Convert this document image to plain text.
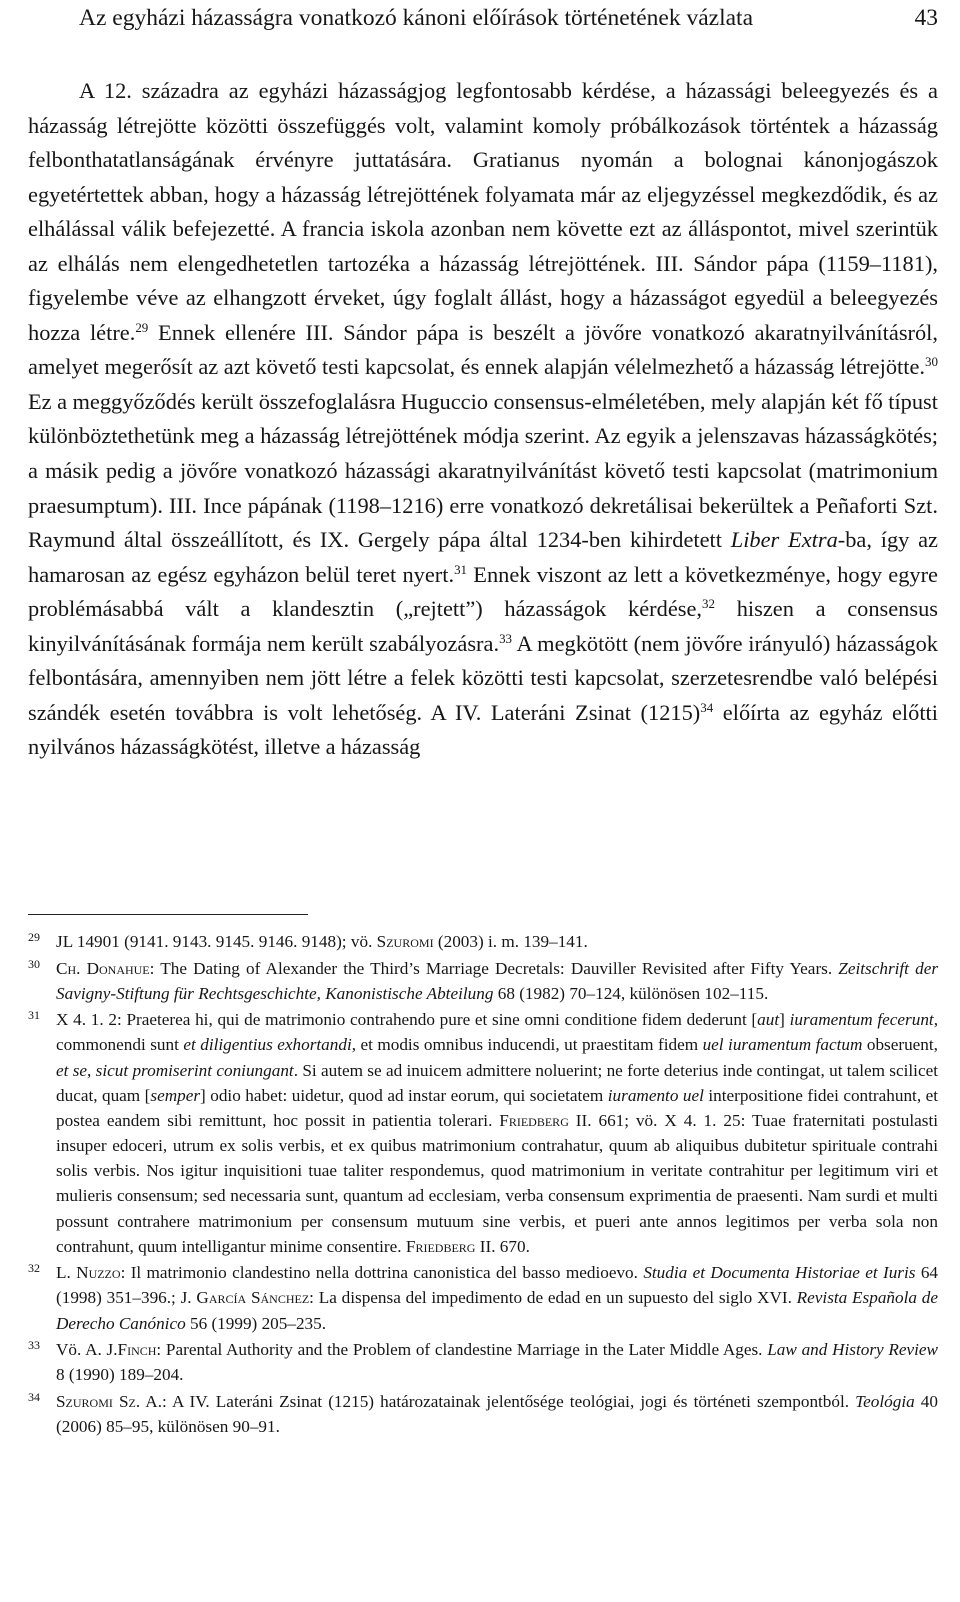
Az egyházi házasságra vonatkozó kánoni előírások történetének vázlata	43

A 12. századra az egyházi házasságjog legfontosabb kérdése, a házassági beleegyezés és a házasság létrejötte közötti összefüggés volt, valamint komoly próbálkozások történtek a házasság felbonthatatlanságának érvényre juttatására. Gratianus nyomán a bolognai kánonjogászok egyetértettek abban, hogy a házasság létrejöttének folyamata már az eljegyzéssel megkezdődik, és az elhálással válik befejezetté. A francia iskola azonban nem követte ezt az álláspontot, mivel szerintük az elhálás nem elengedhetetlen tartozéka a házasság létrejöttének. III. Sándor pápa (1159–1181), figyelembe véve az elhangzott érveket, úgy foglalt állást, hogy a házasságot egyedül a beleegyezés hozza létre.$^{29}$ Ennek ellenére III. Sándor pápa is beszélt a jövőre vonatkozó akaratnyilvánításról, amelyet megerősít az azt követő testi kapcsolat, és ennek alapján vélelmezhető a házasság létrejötte.$^{30}$ Ez a meggyőződés került összefoglalásra Huguccio consensus-elméletében, mely alapján két fő típust különböztethetünk meg a házasság létrejöttének módja szerint. Az egyik a jelenszavas házasságkötés; a másik pedig a jövőre vonatkozó házassági akaratnyilvánítást követő testi kapcsolat (matrimonium praesumptum). III. Ince pápának (1198–1216) erre vonatkozó dekretálisai bekerültek a Peñaforti Szt. Raymund által összeállított, és IX. Gergely pápa által 1234-ben kihirdetett Liber Extra-ba, így az hamarosan az egész egyházon belül teret nyert.$^{31}$ Ennek viszont az lett a következménye, hogy egyre problémásabbá vált a klandesztin („rejtett”) házasságok kérdése,$^{32}$ hiszen a consensus kinyilvánításának formája nem került szabályozásra.$^{33}$ A megkötött (nem jövőre irányuló) házasságok felbontására, amennyiben nem jött létre a felek közötti testi kapcsolat, szerzetesrendbe való belépési szándék esetén továbbra is volt lehetőség. A IV. Lateráni Zsinat (1215)$^{34}$ előírta az egyház előtti nyilvános házasságkötést, illetve a házasság

29 JL 14901 (9141. 9143. 9145. 9146. 9148); vö. Szuromi (2003) i. m. 139–141.
30 Ch. Donahue: The Dating of Alexander the Third’s Marriage Decretals: Dauviller Revisited after Fifty Years. Zeitschrift der Savigny-Stiftung für Rechtsgeschichte, Kanonistische Abteilung 68 (1982) 70–124, különösen 102–115.
31 X 4. 1. 2: Praeterea hi, qui de matrimonio contrahendo pure et sine omni conditione fidem dederunt [aut] iuramentum fecerunt, commonendi sunt et diligentius exhortandi, et modis omnibus inducendi, ut praestitam fidem uel iuramentum factum obseruent, et se, sicut promiserint coniungant. Si autem se ad inuicem admittere noluerint; ne forte deterius inde contingat, ut talem scilicet ducat, quam [semper] odio habet: uidetur, quod ad instar eorum, qui societatem iuramento uel interpositione fidei contrahunt, et postea eandem sibi remittunt, hoc possit in patientia tolerari. Friedberg II. 661; vö. X 4. 1. 25: Tuae fraternitati postulasti insuper edoceri, utrum ex solis verbis, et ex quibus matrimonium contrahatur, quum ab aliquibus dubitetur spirituale contrahi solis verbis. Nos igitur inquisitioni tuae taliter respondemus, quod matrimonium in veritate contrahitur per legitimum viri et mulieris consensum; sed necessaria sunt, quantum ad ecclesiam, verba consensum exprimentia de praesenti. Nam surdi et multi possunt contrahere matrimonium per consensum mutuum sine verbis, et pueri ante annos legitimos per verba sola non contrahunt, quum intelligantur minime consentire. Friedberg II. 670.
32 L. Nuzzo: Il matrimonio clandestino nella dottrina canonistica del basso medioevo. Studia et Documenta Historiae et Iuris 64 (1998) 351–396.; J. García Sánchez: La dispensa del impedimento de edad en un supuesto del siglo XVI. Revista Española de Derecho Canónico 56 (1999) 205–235.
33 Vö. A. J.Finch: Parental Authority and the Problem of clandestine Marriage in the Later Middle Ages. Law and History Review 8 (1990) 189–204.
34 Szuromi Sz. A.: A IV. Lateráni Zsinat (1215) határozatainak jelentősége teológiai, jogi és történeti szempontból. Teológia 40 (2006) 85–95, különösen 90–91.
